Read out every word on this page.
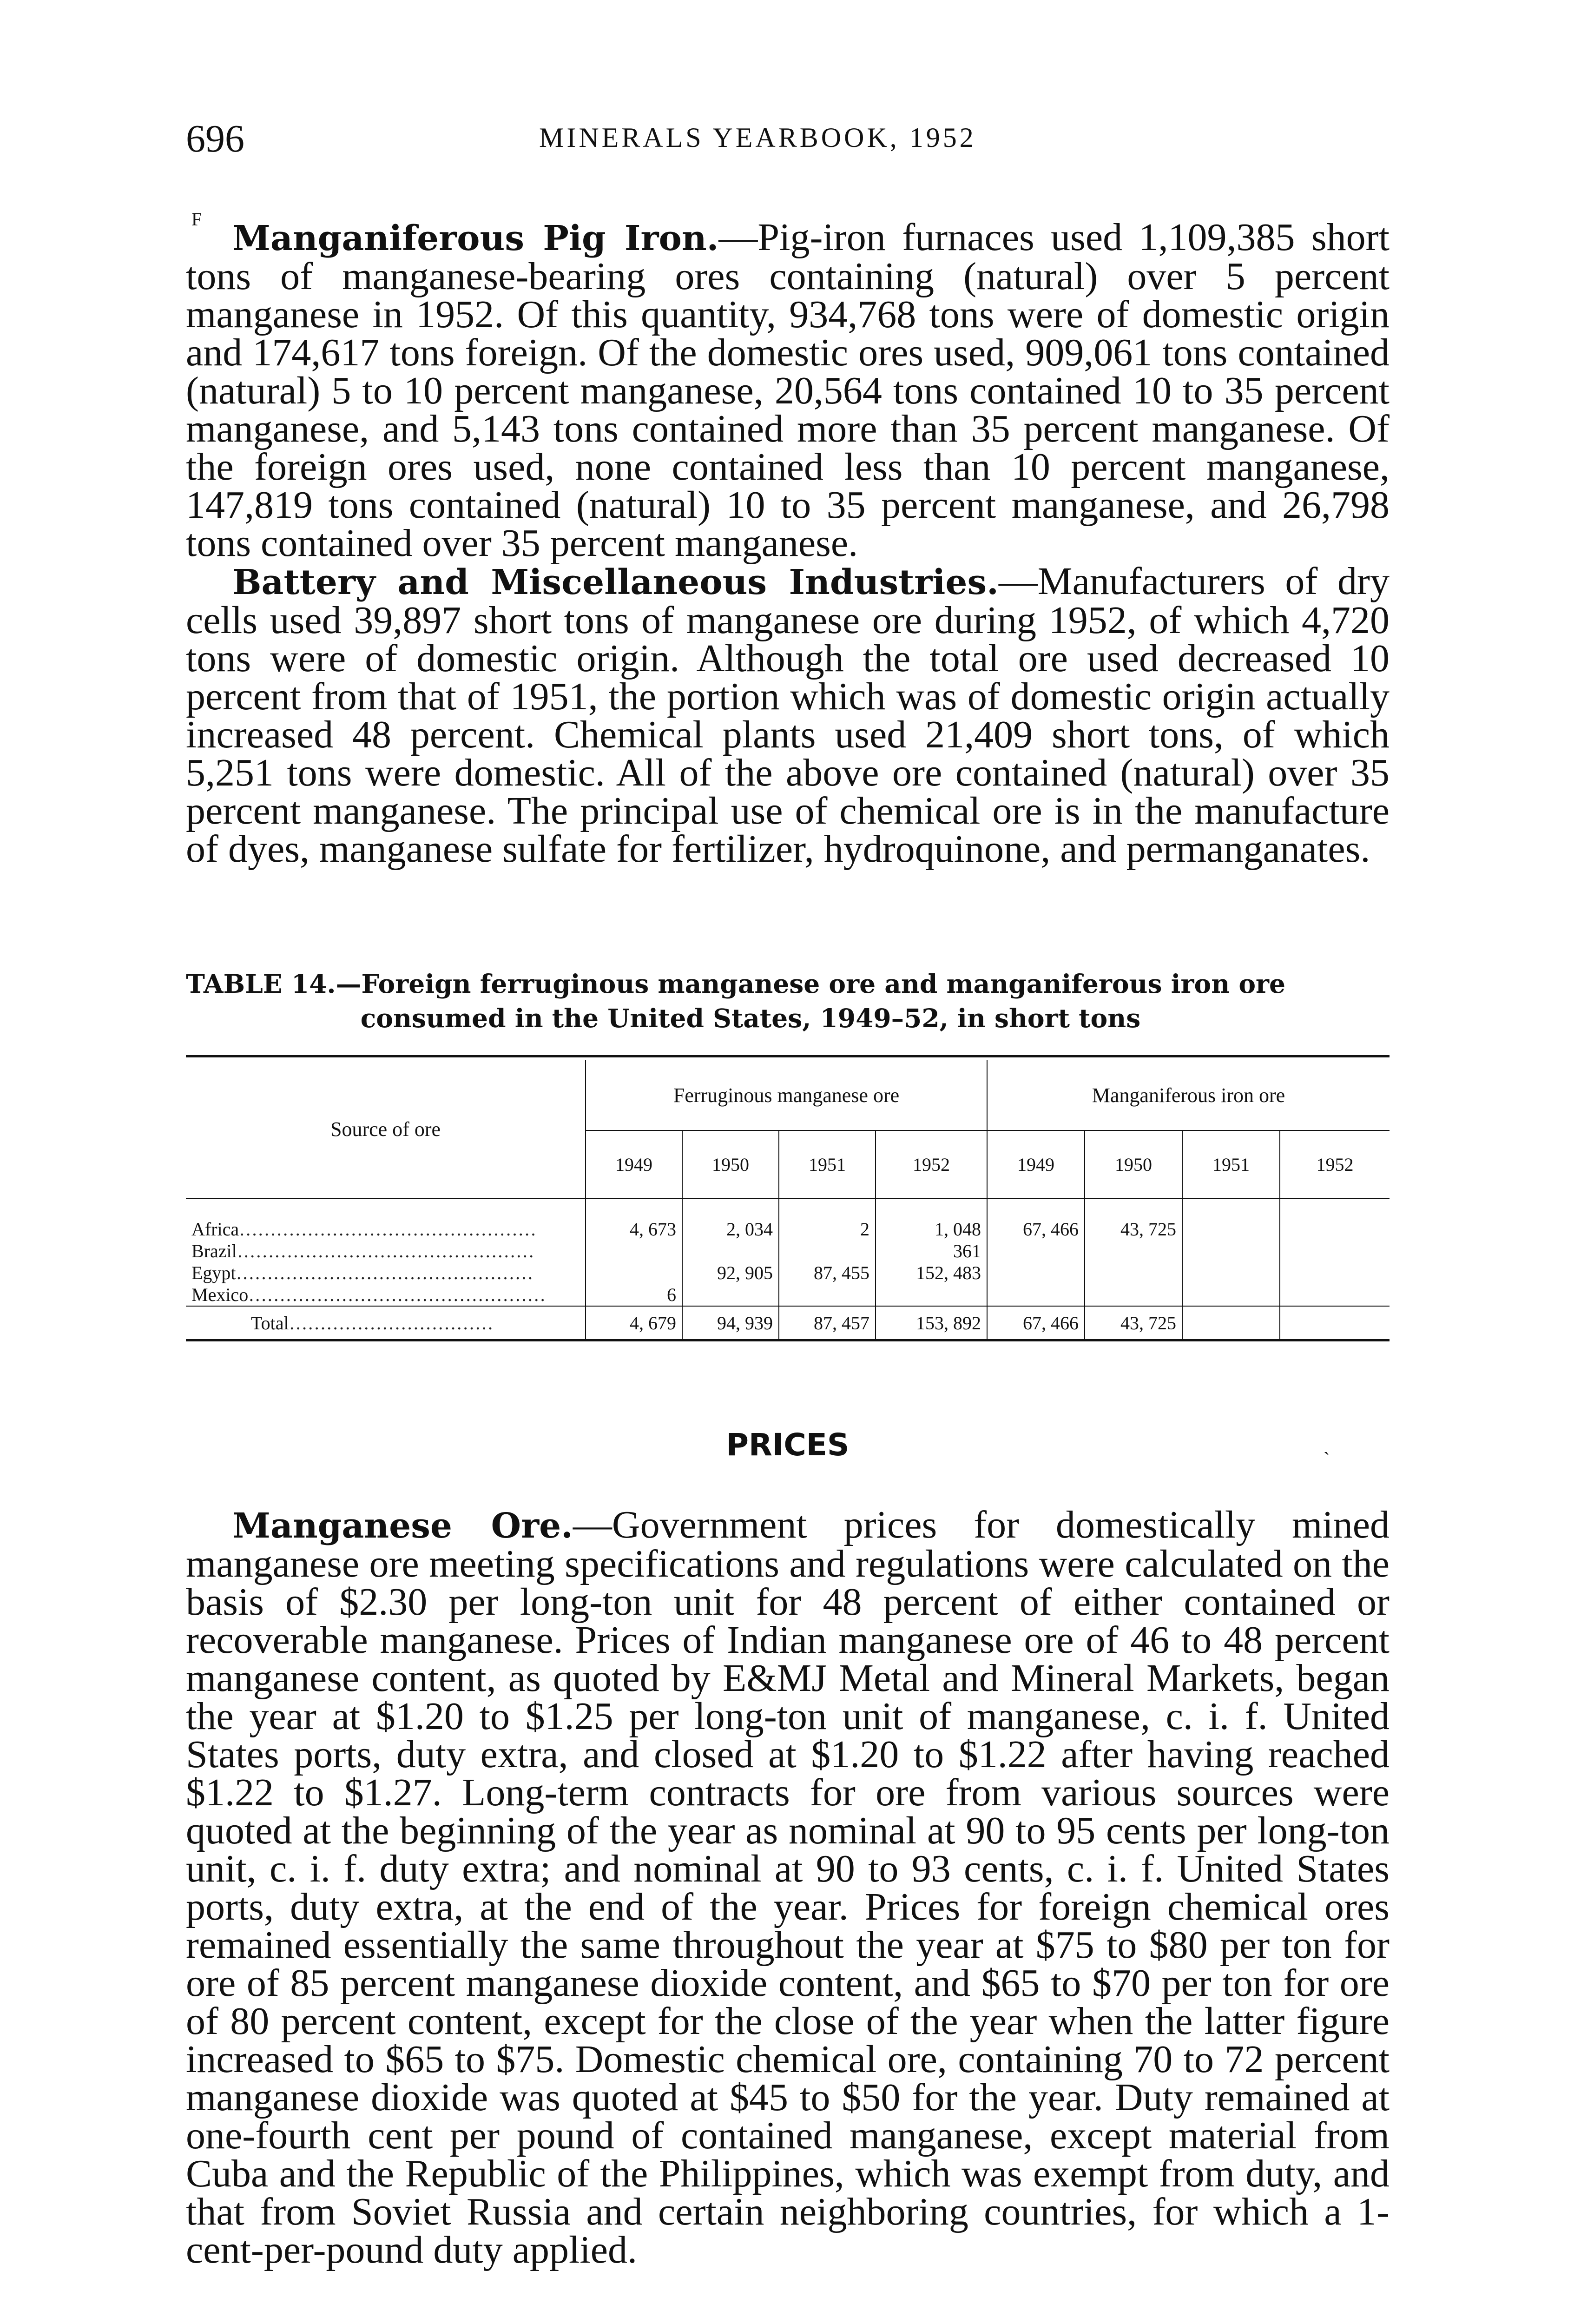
696	MINERALS YEARBOOK, 1952
F Manganiferous Pig Iron.—Pig-iron furnaces used 1,109,385 short tons of manganese-bearing ores containing (natural) over 5 percent manganese in 1952. Of this quantity, 934,768 tons were of domestic origin and 174,617 tons foreign. Of the domestic ores used, 909,061 tons contained (natural) 5 to 10 percent manganese, 20,564 tons contained 10 to 35 percent manganese, and 5,143 tons contained more than 35 percent manganese. Of the foreign ores used, none contained less than 10 percent manganese, 147,819 tons contained (natural) 10 to 35 percent manganese, and 26,798 tons contained over 35 percent manganese.

Battery and Miscellaneous Industries.—Manufacturers of dry cells used 39,897 short tons of manganese ore during 1952, of which 4,720 tons were of domestic origin. Although the total ore used decreased 10 percent from that of 1951, the portion which was of domestic origin actually increased 48 percent. Chemical plants used 21,409 short tons, of which 5,251 tons were domestic. All of the above ore contained (natural) over 35 percent manganese. The principal use of chemical ore is in the manufacture of dyes, manganese sulfate for fertilizer, hydroquinone, and permanganates.

TABLE 14.—Foreign ferruginous manganese ore and manganiferous iron ore
consumed in the United States, 1949–52, in short tons

Source of ore	Ferruginous manganese ore				Manganiferous iron ore			
	1949	1950	1951	1952	1949	1950	1951	1952
Africa…………………………………………	4, 673	2, 034	2	1, 048	67, 466	43, 725		
Brazil…………………………………………				361				
Egypt…………………………………………		92, 905	87, 455	152, 483				
Mexico…………………………………………	6							
Total……………………………	4, 679	94, 939	87, 457	153, 892	67, 466	43, 725		
PRICES	`

Manganese Ore.—Government prices for domestically mined manganese ore meeting specifications and regulations were calculated on the basis of $2.30 per long-ton unit for 48 percent of either contained or recoverable manganese. Prices of Indian manganese ore of 46 to 48 percent manganese content, as quoted by E&MJ Metal and Mineral Markets, began the year at $1.20 to $1.25 per long-ton unit of manganese, c. i. f. United States ports, duty extra, and closed at $1.20 to $1.22 after having reached $1.22 to $1.27. Long-term contracts for ore from various sources were quoted at the beginning of the year as nominal at 90 to 95 cents per long-ton unit, c. i. f. duty extra; and nominal at 90 to 93 cents, c. i. f. United States ports, duty extra, at the end of the year. Prices for foreign chemical ores remained essentially the same throughout the year at $75 to $80 per ton for ore of 85 percent manganese dioxide content, and $65 to $70 per ton for ore of 80 percent content, except for the close of the year when the latter figure increased to $65 to $75. Domestic chemical ore, containing 70 to 72 percent manganese dioxide was quoted at $45 to $50 for the year. Duty remained at one-fourth cent per pound of contained manganese, except material from Cuba and the Republic of the Philippines, which was exempt from duty, and that from Soviet Russia and certain neighboring countries, for which a 1-cent-per-pound duty applied.
